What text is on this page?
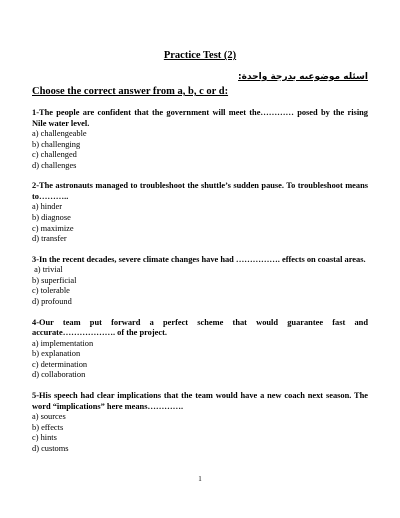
Practice Test (2)
اسئله موضوعيه بدرجة واحدة:
Choose the correct answer from a, b, c or d:
1-The people are confident that the government will meet the………… posed by the rising Nile water level.
a) challengeable
b) challenging
c) challenged
d) challenges
2-The astronauts managed to troubleshoot the shuttle’s sudden pause. To troubleshoot means to………..
a) hinder
b) diagnose
c) maximize
d) transfer
3-In the recent decades, severe climate changes have had ……………. effects on coastal areas.
a) trivial
b) superficial
c) tolerable
d) profound
4-Our team put forward a perfect scheme that would guarantee fast and accurate………………. of the project.
a) implementation
b) explanation
c) determination
d) collaboration
5-His speech had clear implications that the team would have a new coach next season. The word “implications” here means………….
a) sources
b) effects
c) hints
d) customs
1
